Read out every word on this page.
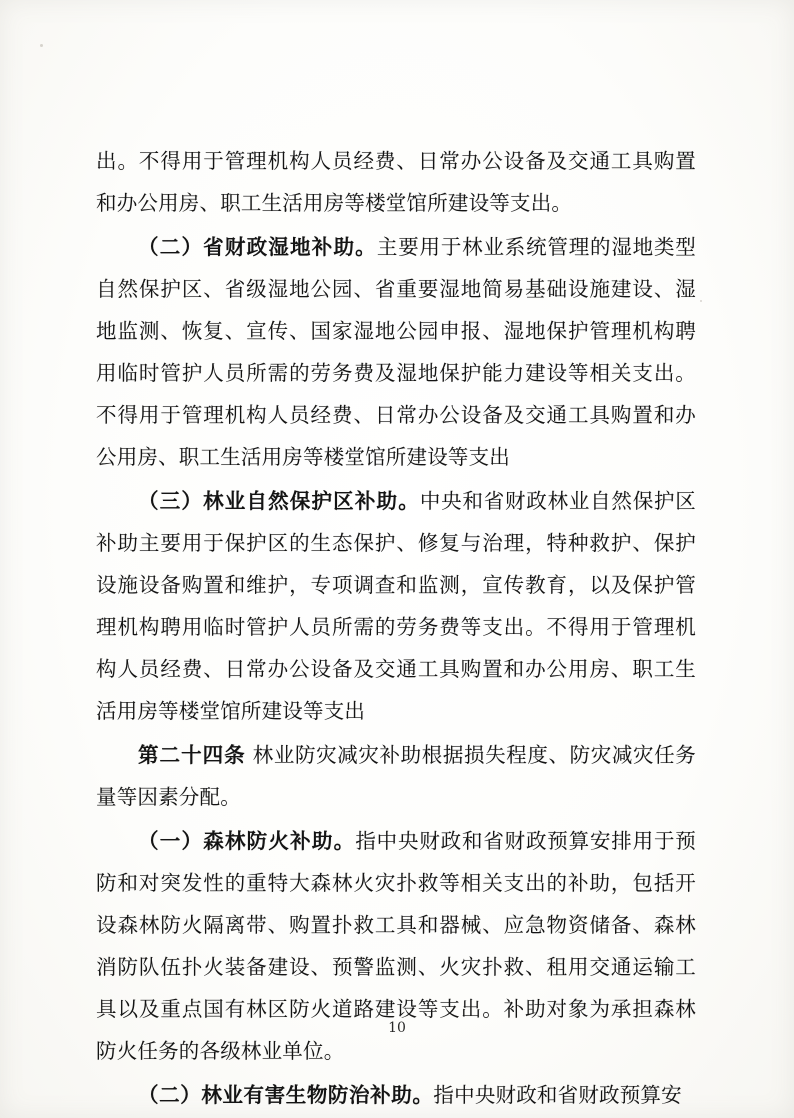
出。不得用于管理机构人员经费、日常办公设备及交通工具购置和办公用房、职工生活用房等楼堂馆所建设等支出。

（二）省财政湿地补助。主要用于林业系统管理的湿地类型自然保护区、省级湿地公园、省重要湿地简易基础设施建设、湿地监测、恢复、宣传、国家湿地公园申报、湿地保护管理机构聘用临时管护人员所需的劳务费及湿地保护能力建设等相关支出。不得用于管理机构人员经费、日常办公设备及交通工具购置和办公用房、职工生活用房等楼堂馆所建设等支出

（三）林业自然保护区补助。中央和省财政林业自然保护区补助主要用于保护区的生态保护、修复与治理，特种救护、保护设施设备购置和维护，专项调查和监测，宣传教育，以及保护管理机构聘用临时管护人员所需的劳务费等支出。不得用于管理机构人员经费、日常办公设备及交通工具购置和办公用房、职工生活用房等楼堂馆所建设等支出

第二十四条 林业防灾减灾补助根据损失程度、防灾减灾任务量等因素分配。

（一）森林防火补助。指中央财政和省财政预算安排用于预防和对突发性的重特大森林火灾扑救等相关支出的补助，包括开设森林防火隔离带、购置扑救工具和器械、应急物资储备、森林消防队伍扑火装备建设、预警监测、火灾扑救、租用交通运输工具以及重点国有林区防火道路建设等支出。补助对象为承担森林防火任务的各级林业单位。

（二）林业有害生物防治补助。指中央财政和省财政预算安

10
